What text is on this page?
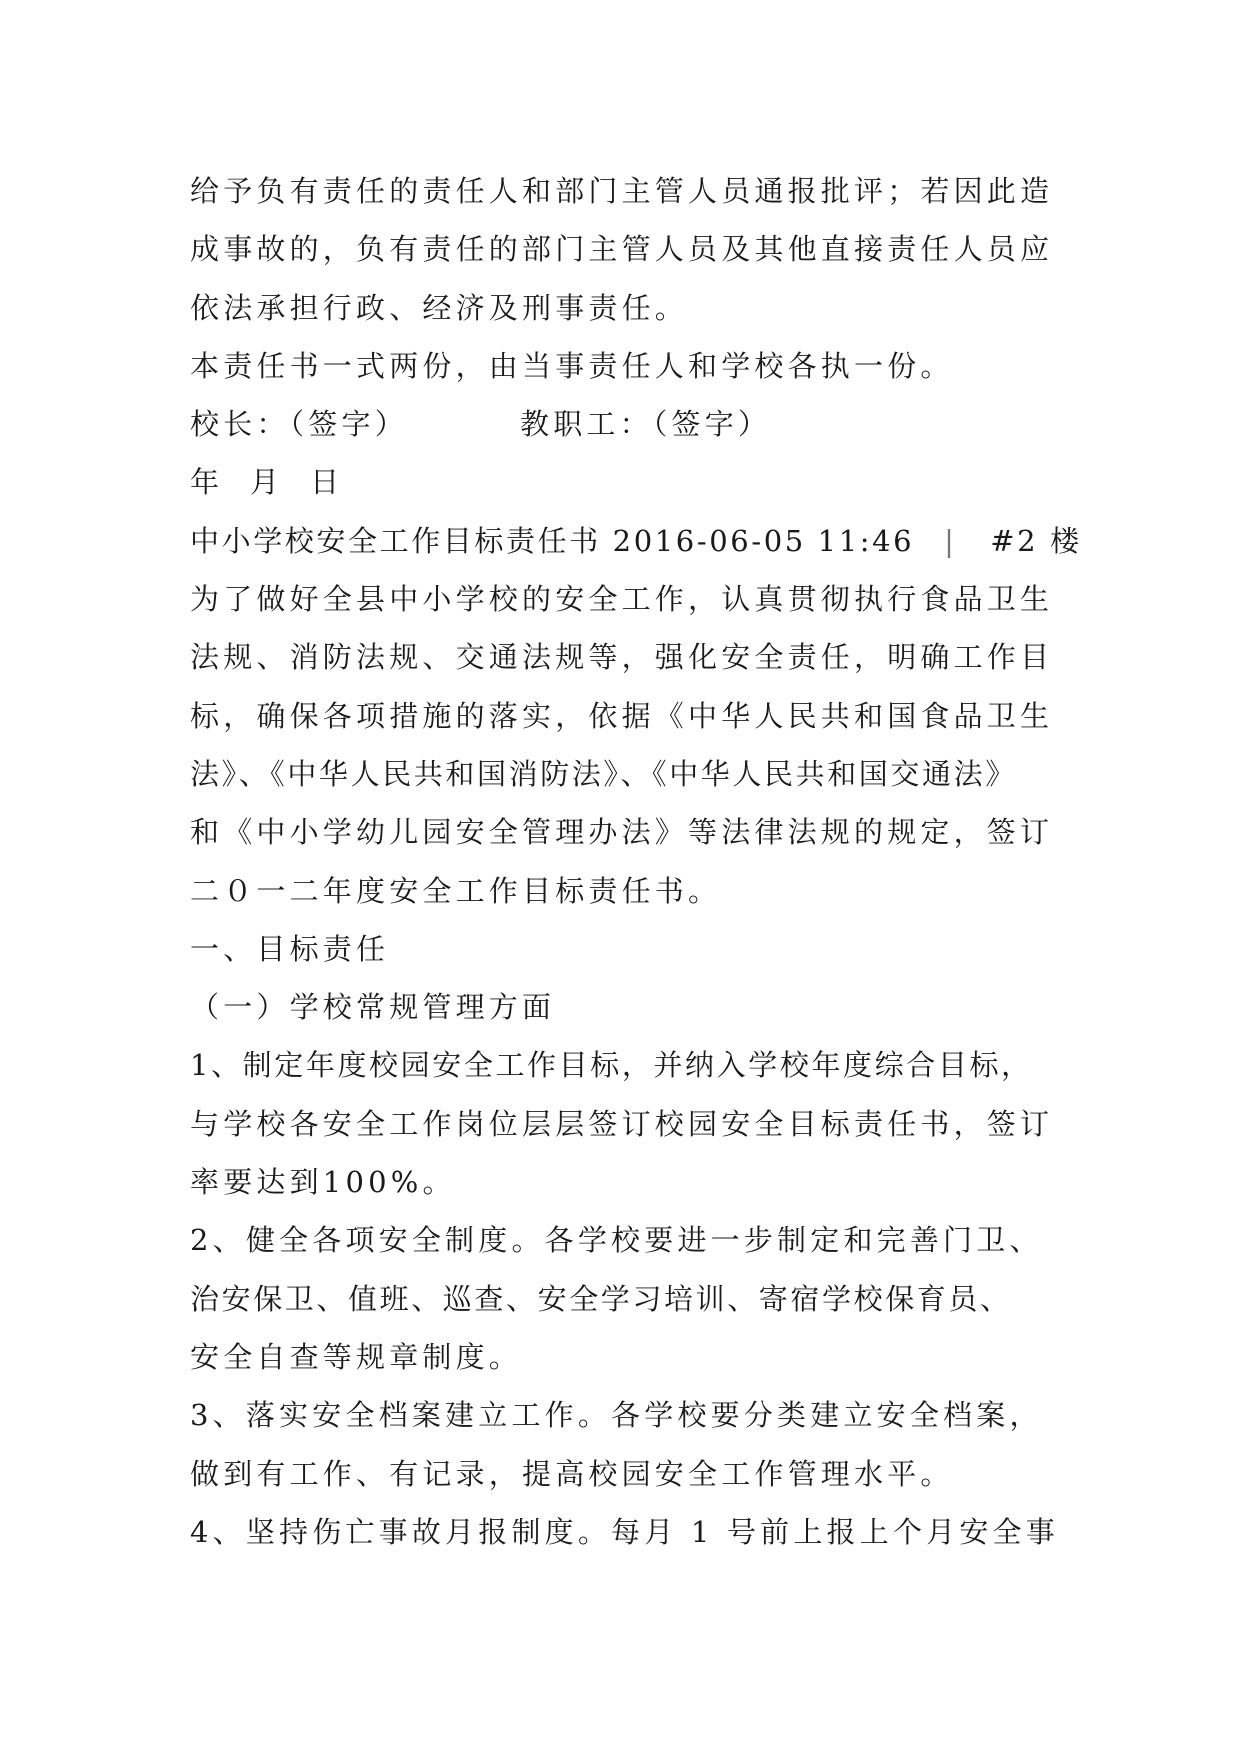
给予负有责任的责任人和部门主管人员通报批评；若因此造
成事故的，负有责任的部门主管人员及其他直接责任人员应
依法承担行政、经济及刑事责任。
本责任书一式两份，由当事责任人和学校各执一份。
校长：（签字）	教职工：（签字）
年  月  日
中小学校安全工作目标责任书 2016-06-05 11:46 | #2 楼
为了做好全县中小学校的安全工作，认真贯彻执行食品卫生
法规、消防法规、交通法规等，强化安全责任，明确工作目
标，确保各项措施的落实，依据《中华人民共和国食品卫生
法》、《中华人民共和国消防法》、《中华人民共和国交通法》
和《中小学幼儿园安全管理办法》等法律法规的规定，签订
二０一二年度安全工作目标责任书。
一、目标责任
（一）学校常规管理方面
1、制定年度校园安全工作目标，并纳入学校年度综合目标，
与学校各安全工作岗位层层签订校园安全目标责任书，签订
率要达到100%。
2、健全各项安全制度。各学校要进一步制定和完善门卫、
治安保卫、值班、巡查、安全学习培训、寄宿学校保育员、
安全自查等规章制度。
3、落实安全档案建立工作。各学校要分类建立安全档案，
做到有工作、有记录，提高校园安全工作管理水平。
4、坚持伤亡事故月报制度。每月 1 号前上报上个月安全事
